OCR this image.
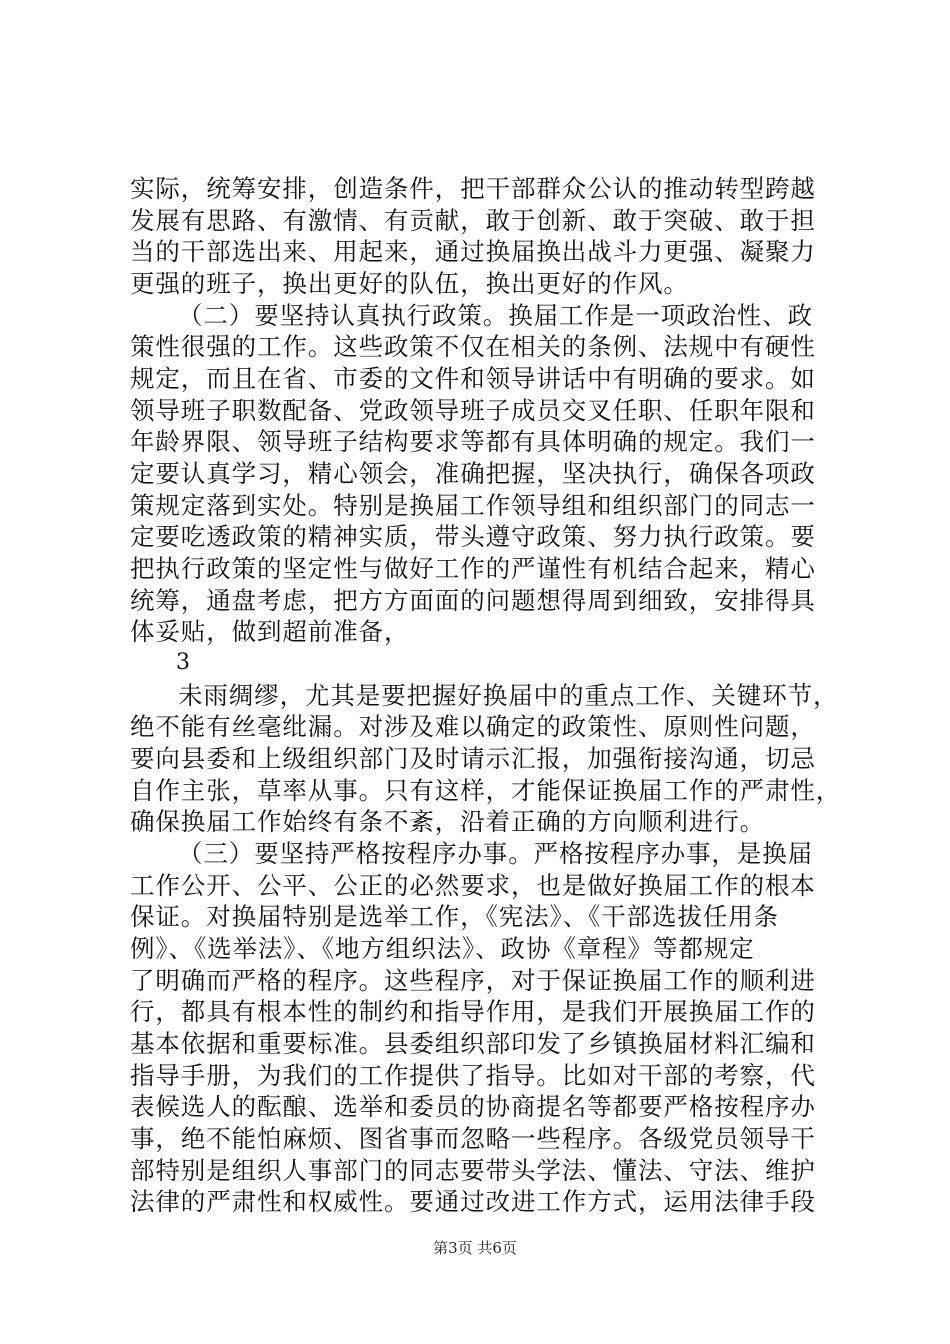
实际，统筹安排，创造条件，把干部群众公认的推动转型跨越
发展有思路、有激情、有贡献，敢于创新、敢于突破、敢于担
当的干部选出来、用起来，通过换届换出战斗力更强、凝聚力
更强的班子，换出更好的队伍，换出更好的作风。
（二）要坚持认真执行政策。换届工作是一项政治性、政
策性很强的工作。这些政策不仅在相关的条例、法规中有硬性
规定，而且在省、市委的文件和领导讲话中有明确的要求。如
领导班子职数配备、党政领导班子成员交叉任职、任职年限和
年龄界限、领导班子结构要求等都有具体明确的规定。我们一
定要认真学习，精心领会，准确把握，坚决执行，确保各项政
策规定落到实处。特别是换届工作领导组和组织部门的同志一
定要吃透政策的精神实质，带头遵守政策、努力执行政策。要
把执行政策的坚定性与做好工作的严谨性有机结合起来，精心
统筹，通盘考虑，把方方面面的问题想得周到细致，安排得具
体妥贴，做到超前准备，
3
未雨绸缪，尤其是要把握好换届中的重点工作、关键环节，
绝不能有丝毫纰漏。对涉及难以确定的政策性、原则性问题，
要向县委和上级组织部门及时请示汇报，加强衔接沟通，切忌
自作主张，草率从事。只有这样，才能保证换届工作的严肃性，
确保换届工作始终有条不紊，沿着正确的方向顺利进行。
（三）要坚持严格按程序办事。严格按程序办事，是换届
工作公开、公平、公正的必然要求，也是做好换届工作的根本
保证。对换届特别是选举工作，《宪法》、《干部选拔任用条
例》、《选举法》、《地方组织法》、政协《章程》等都规定
了明确而严格的程序。这些程序，对于保证换届工作的顺利进
行，都具有根本性的制约和指导作用，是我们开展换届工作的
基本依据和重要标准。县委组织部印发了乡镇换届材料汇编和
指导手册，为我们的工作提供了指导。比如对干部的考察，代
表候选人的酝酿、选举和委员的协商提名等都要严格按程序办
事，绝不能怕麻烦、图省事而忽略一些程序。各级党员领导干
部特别是组织人事部门的同志要带头学法、懂法、守法、维护
法律的严肃性和权威性。要通过改进工作方式，运用法律手段
第3页 共6页
